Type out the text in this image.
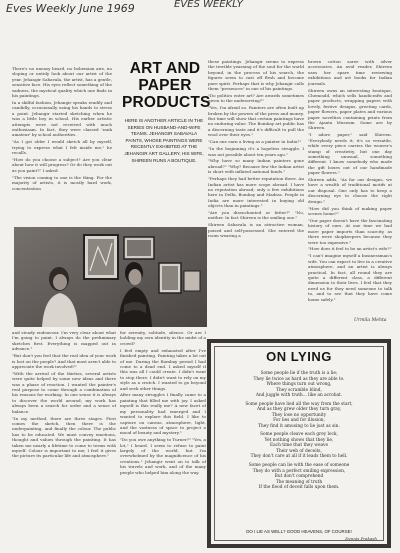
Eves Weekly June 1969	EVES WEEKLY

There's no uneasy beard, no bohemian airs, no sloping or untidy look about our artist of the year. Jehangir Sabavala, the artist, has a gentle, sensitive face. His eyes reflect something of the sadness, the mystical quality which one finds in his paintings.

In a skilful fashion, Jehangir speaks readily and candidly, occasionally using his hands to stress a point. Jehangir started sketching when he was a little boy in school. His earlier artistic attempts were not received with much enthusiasm. In fact, they were classed 'rank amateur' by school authorities.

"As I got older I would sketch all by myself, trying to express what I felt inside me," he recalls.

"How do you choose a subject? Are you clear about how it will progress? Or do they work out as you paint?" I asked.

"The vision coming to one is the thing. For the majority of artists, it is mostly hard work, concentration

ART AND PAPER PRODUCTS
HERE IS ANOTHER ARTICLE IN THE SERIES ON HUSBAND-AND-WIFE TEAMS. JEHANGIR SABAVALA PAINTS, WHOSE PAINTINGS WERE RECENTLY EXHIBITED AT THE JEHANGIR ART GALLERY, HIS WIFE, SHIREEN RUNS A BOUTIQUE.

and steady endeavour. I'm very clear about what I'm going to paint. I always do the preliminary sketches first. Everything is mapped out in advance."

"But don't you feel that the real idea of your work is lost on the people? And that most aren't able to appreciate the work involved?"

"With the arrival of the thirties, several artists were quite helped by some new ideas and there was a phase of reaction. I wanted the painter's real purpose to come through a combination of his reasons for working. In one sense it is always to discover the world around; my work has always been a search for order and a sense of balance.

"In my method, there are three stages. First comes the sketch, then there is the underpainting, and finally the colour. The public has to be educated. We must convey emotions, thought and values through the painting. It has taken me nearly a lifetime to come to terms with myself. Colour is important to me; I feel it gives the picture its particular life and atmosphere."

for serenity, solitude, silence. Or are I holding my own identity in the midst of a crowd?

I feel empty and exhausted after I've finished painting. Painting takes a lot out of me. During the Bombay period I had come to a dead end. I asked myself if this was all I could create. I didn't want to stop there. I didn't want to rely on my style as a crutch. I wanted to go beyond and seek other things.

After many struggles I finally came to a painting that filled me with joy. I asked myself is this really me? A new facet of my personality had emerged and I wanted to explore this field. I like to capture on canvas, atmosphere, light, and the vastness of space to project a mood of beauty and mystery."

"Do you owe anything to Turner?" "Yes, a lot," I heard. I seem to refuse to paint largely of the world, but I'm overwhelmed by the magnificence of his creations." Jehangir went on to talk of his travels and work, and of the many people who helped him along the way.

these paintings. Jehangir seems to express the terrible yearning of the soul for the world beyond, in the process of his search, the figures seem to cast off flesh and become pure spirit. Perhaps that is why Jehangir calls them "presences" in one of his paintings.

"Do politics enter art? Are awards sometimes given to the undeserving?"

"Yes, I'm afraid so. Painters are often built up broken by the powers of the press and money. But time will show that certain paintings have no enduring value. The Bombay art public has a discerning taste and it's difficult to pull the wool over their eyes."

"Can one earn a living as a painter in India?"

"In the beginning it's a hopeless struggle. I was not possible about ten years ago."

"Why have so many Indian painters gone abroad?" "Why? Because few the Indian artist is short with inflated national funds."

"Perhaps they had better reputation there. An Indian artist has more scope abroad. I have no reputation abroad; only a few exhibitions here in Delhi, Bombay and Madras. People in India are more interested in buying old objects than in paintings."

"Are you disenchanted or bitter?" "No, neither. In fact Shireen is the smiling one."

Shireen Sabavala is an attractive woman, poised and self-possessed. She entered the room wearing a

brown cotton saree with silver accessories. An avid reader, Shireen uses her spare time reviewing exhibitions and art books for Indian journals.

Shireen owns an interesting boutique, Chemould, which sells handicrafts and paper products, wrapping papers with lovely, festive designs, greeting cards, paper flowers, paper plates and various paper novelties containing prints from the Ajanta Museum. Some are by Shireen.

"I adore paper," said Shireen. "Everybody needs it; it's so versatile, while every piece carries the weaver's stamp of creativity, but one day something unusual, something different. I know somebody who made the gift boxes out of our handmade paper flowers."

Shireen adds, "As for our designs, we have a wealth of traditional motifs at our disposal. One only has to keep a discerning eye to choose the right design."

"How did you think of making paper scenes home?"

"Our paper doesn't have the fascinating history of ours. At one time we had more paper imports than scarcity, as there were shopkeepers because they were too expensive."

"How does it feel to be an artist's wife?"

"I can't imagine myself a businessman's wife. You can expect to live in a creative atmosphere, and an artist is always practical. In fact, all round they are quite a different class, a different dimension to their lives. I feel that they need us for they need someone to talk to, and to see that they have come home safely."

Urmila Mehta
ON LYING

Some people lie if the truth is a lie;
They lie twice as hard as they are able to.
Where things turn out wrong,
They scramble blind,
And juggle with truth... like an acrobat.

Some people have lied all the way from the start,
And as they grew older they turn gray,
They lose no opportunity
For lies and for illusion,
They find it amusing to lie just as sin.

Some people cleave each grey lock,
Yet nothing shows that they lie,
Each time that they weave
Their web of deceits,
They don't care at all if it leads them to hell.

Some people can lie with the ease of someone
They do with a perfect smiling expression,
But don't comprehend
The meaning of truth
If the flood of deceit falls upon them.

DO I LIE AS WELL? GOOD HEAVENS, OF COURSE!
Dennis Prakash
